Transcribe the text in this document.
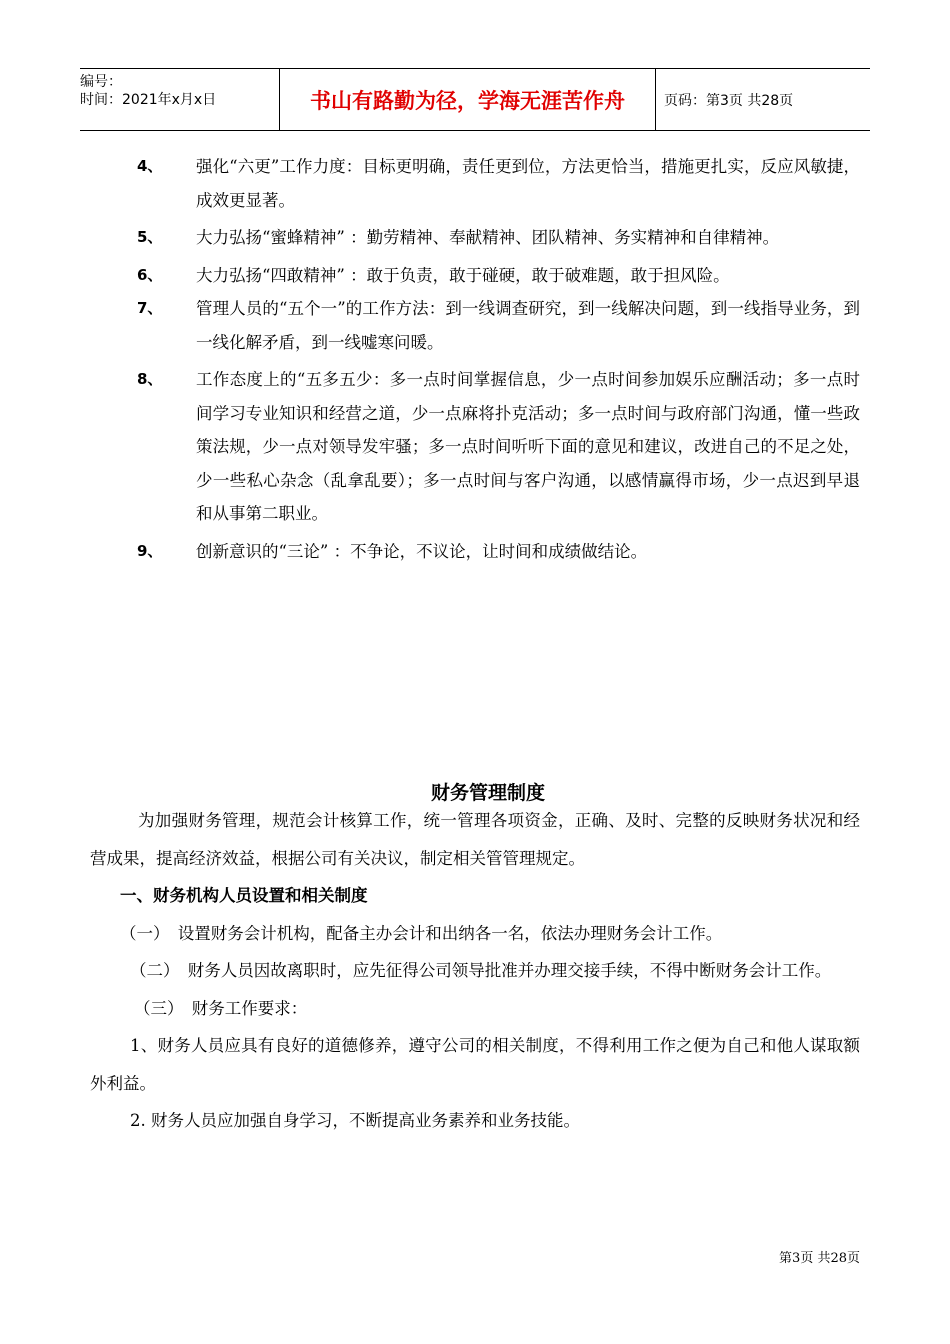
编号：
时间：2021年x月x日	书山有路勤为径，学海无涯苦作舟	页码：第3页 共28页
4、 强化“六更”工作力度：目标更明确，责任更到位，方法更恰当，措施更扎实，反应风敏捷，成效更显著。
5、 大力弘扬“蜜蜂精神” ：勤劳精神、奉献精神、团队精神、务实精神和自律精神。
6、 大力弘扬“四敢精神” ：敢于负责，敢于碰硬，敢于破难题，敢于担风险。
7、 管理人员的“五个一”的工作方法：到一线调查研究，到一线解决问题，到一线指导业务，到一线化解矛盾，到一线嘘寒问暖。
8、 工作态度上的“五多五少：多一点时间掌握信息，少一点时间参加娱乐应酬活动；多一点时间学习专业知识和经营之道，少一点麻将扑克活动；多一点时间与政府部门沟通，懂一些政策法规，少一点对领导发牢骚；多一点时间听听下面的意见和建议，改进自己的不足之处，少一些私心杂念（乱拿乱要）；多一点时间与客户沟通，以感情赢得市场，少一点迟到早退和从事第二职业。
9、 创新意识的“三论” ：不争论，不议论，让时间和成绩做结论。
财务管理制度

为加强财务管理，规范会计核算工作，统一管理各项资金，正确、及时、完整的反映财务状况和经营成果，提高经济效益，根据公司有关决议，制定相关管管理规定。

一、财务机构人员设置和相关制度

（一）　设置财务会计机构，配备主办会计和出纳各一名，依法办理财务会计工作。

（二）　财务人员因故离职时，应先征得公司领导批准并办理交接手续，不得中断财务会计工作。

（三）　财务工作要求：

1、财务人员应具有良好的道德修养，遵守公司的相关制度，不得利用工作之便为自己和他人谋取额外利益。

2. 财务人员应加强自身学习，不断提高业务素养和业务技能。

第3页 共28页
